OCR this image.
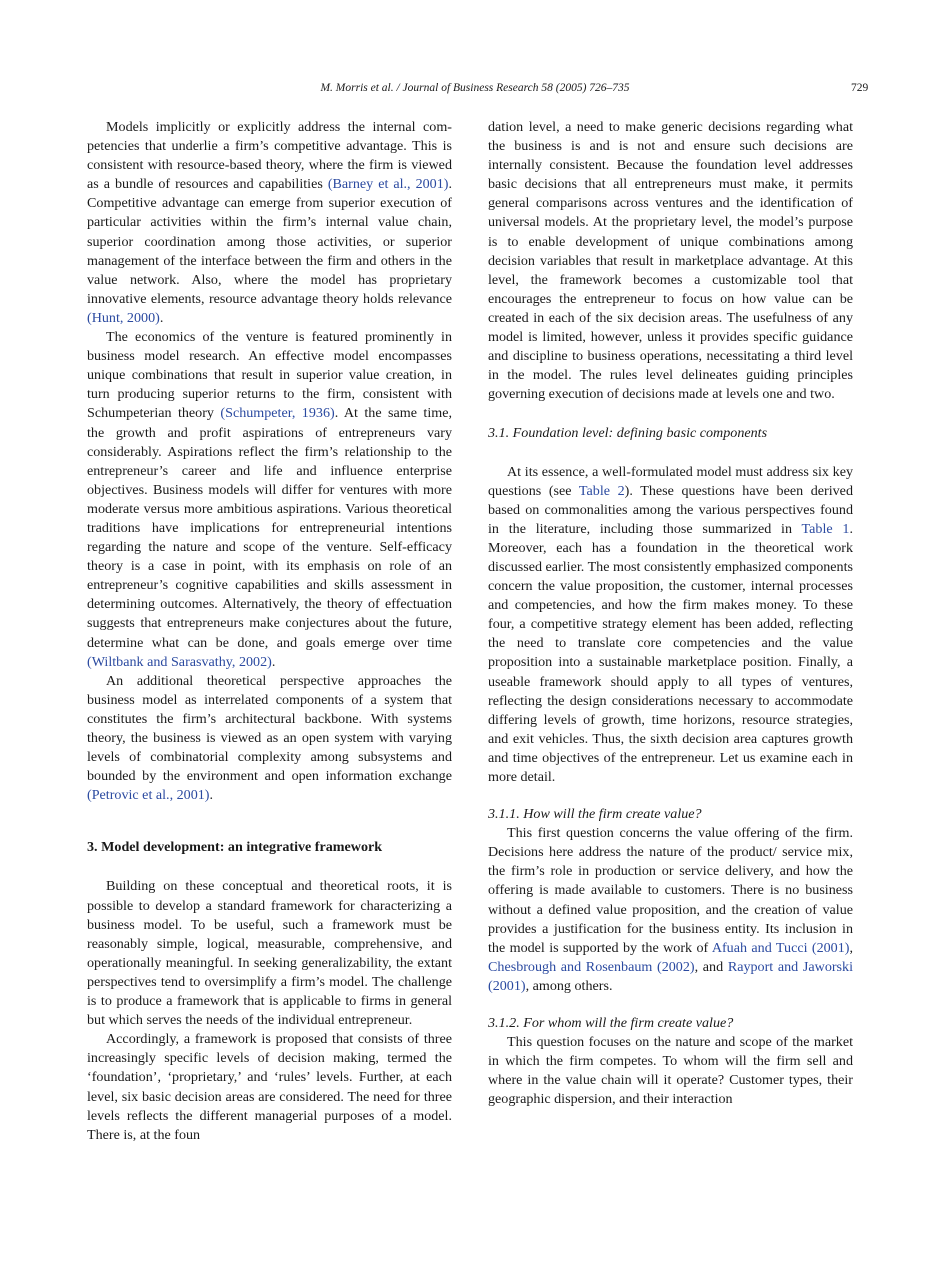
M. Morris et al. / Journal of Business Research 58 (2005) 726–735	729

Models implicitly or explicitly address the internal competencies that underlie a firm’s competitive advantage. This is consistent with resource-based theory, where the firm is viewed as a bundle of resources and capabilities (Barney et al., 2001). Competitive advantage can emerge from superior execution of particular activities within the firm’s internal value chain, superior coordination among those activities, or superior management of the interface between the firm and others in the value network. Also, where the model has proprietary innovative elements, resource advantage theory holds relevance (Hunt, 2000).

The economics of the venture is featured prominently in business model research. An effective model encompasses unique combinations that result in superior value creation, in turn producing superior returns to the firm, consistent with Schumpeterian theory (Schumpeter, 1936). At the same time, the growth and profit aspirations of entrepreneurs vary considerably. Aspirations reflect the firm’s relationship to the entrepreneur’s career and life and influence enterprise objectives. Business models will differ for ventures with more moderate versus more ambitious aspirations. Various theoretical traditions have implications for entrepreneurial intentions regarding the nature and scope of the venture. Self-efficacy theory is a case in point, with its emphasis on role of an entrepreneur’s cognitive capabilities and skills assessment in determining outcomes. Alternatively, the theory of effectuation suggests that entrepreneurs make conjectures about the future, determine what can be done, and goals emerge over time (Wiltbank and Sarasvathy, 2002).

An additional theoretical perspective approaches the business model as interrelated components of a system that constitutes the firm’s architectural backbone. With systems theory, the business is viewed as an open system with varying levels of combinatorial complexity among subsystems and bounded by the environment and open information exchange (Petrovic et al., 2001).

3. Model development: an integrative framework

Building on these conceptual and theoretical roots, it is possible to develop a standard framework for characterizing a business model. To be useful, such a framework must be reasonably simple, logical, measurable, comprehensive, and operationally meaningful. In seeking generalizability, the extant perspectives tend to oversimplify a firm’s model. The challenge is to produce a framework that is applicable to firms in general but which serves the needs of the individual entrepreneur.

Accordingly, a framework is proposed that consists of three increasingly specific levels of decision making, termed the ‘foundation’, ‘proprietary,’ and ‘rules’ levels. Further, at each level, six basic decision areas are considered. The need for three levels reflects the different managerial purposes of a model. There is, at the foun

dation level, a need to make generic decisions regarding what the business is and is not and ensure such decisions are internally consistent. Because the foundation level addresses basic decisions that all entrepreneurs must make, it permits general comparisons across ventures and the identification of universal models. At the proprietary level, the model’s purpose is to enable development of unique combinations among decision variables that result in marketplace advantage. At this level, the framework becomes a customizable tool that encourages the entrepreneur to focus on how value can be created in each of the six decision areas. The usefulness of any model is limited, however, unless it provides specific guidance and discipline to business operations, necessitating a third level in the model. The rules level delineates guiding principles governing execution of decisions made at levels one and two.

3.1. Foundation level: defining basic components

At its essence, a well-formulated model must address six key questions (see Table 2). These questions have been derived based on commonalities among the various perspectives found in the literature, including those summarized in Table 1. Moreover, each has a foundation in the theoretical work discussed earlier. The most consistently emphasized components concern the value proposition, the customer, internal processes and competencies, and how the firm makes money. To these four, a competitive strategy element has been added, reflecting the need to translate core competencies and the value proposition into a sustainable marketplace position. Finally, a useable framework should apply to all types of ventures, reflecting the design considerations necessary to accommodate differing levels of growth, time horizons, resource strategies, and exit vehicles. Thus, the sixth decision area captures growth and time objectives of the entrepreneur. Let us examine each in more detail.

3.1.1. How will the firm create value?

This first question concerns the value offering of the firm. Decisions here address the nature of the product/ service mix, the firm’s role in production or service delivery, and how the offering is made available to customers. There is no business without a defined value proposition, and the creation of value provides a justification for the business entity. Its inclusion in the model is supported by the work of Afuah and Tucci (2001), Chesbrough and Rosenbaum (2002), and Rayport and Jaworski (2001), among others.

3.1.2. For whom will the firm create value?

This question focuses on the nature and scope of the market in which the firm competes. To whom will the firm sell and where in the value chain will it operate? Customer types, their geographic dispersion, and their interaction
